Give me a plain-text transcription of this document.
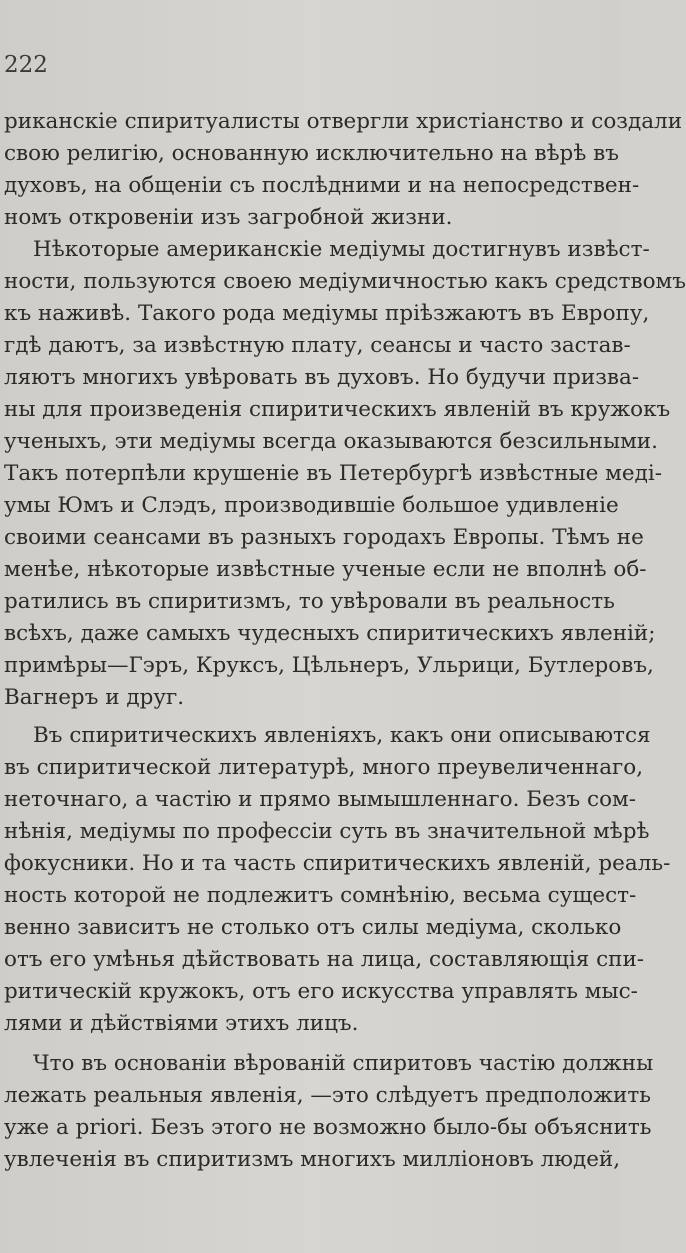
222
риканскіе спиритуалисты отвергли христіанство и создали
свою религію, основанную исключительно на вѣрѣ въ
духовъ, на общеніи съ послѣдними и на непосредствен-
номъ откровеніи изъ загробной жизни.
Нѣкоторые американскіе медіумы достигнувъ извѣст-
ности, пользуются своею медіумичностью какъ средствомъ
къ наживѣ. Такого рода медіумы пріѣзжаютъ въ Европу,
гдѣ даютъ, за извѣстную плату, сеансы и часто застав-
ляютъ многихъ увѣровать въ духовъ. Но будучи призва-
ны для произведенія спиритическихъ явленій въ кружокъ
ученыхъ, эти медіумы всегда оказываются безсильными.
Такъ потерпѣли крушеніе въ Петербургѣ извѣстные меді-
умы Юмъ и Слэдъ, производившіе большое удивленіе
своими сеансами въ разныхъ городахъ Европы. Тѣмъ не
менѣе, нѣкоторые извѣстные ученые если не вполнѣ об-
ратились въ спиритизмъ, то увѣровали въ реальность
всѣхъ, даже самыхъ чудесныхъ спиритическихъ явленій;
примѣры—Гэръ, Круксъ, Цѣльнеръ, Ульрици, Бутлеровъ,
Вагнеръ и друг.
Въ спиритическихъ явленіяхъ, какъ они описываются
въ спиритической литературѣ, много преувеличеннаго,
неточнаго, а частію и прямо вымышленнаго. Безъ сом-
нѣнія, медіумы по профессіи суть въ значительной мѣрѣ
фокусники. Но и та часть спиритическихъ явленій, реаль-
ность которой не подлежитъ сомнѣнію, весьма сущест-
венно зависитъ не столько отъ силы медіума, сколько
отъ его умѣнья дѣйствовать на лица, составляющія спи-
ритическій кружокъ, отъ его искусства управлять мыс-
лями и дѣйствіями этихъ лицъ.
Что въ основаніи вѣрованій спиритовъ частію должны
лежать реальныя явленія, —это слѣдуетъ предположить
уже а priori. Безъ этого не возможно было-бы объяснить
увлеченія въ спиритизмъ многихъ милліоновъ людей,
